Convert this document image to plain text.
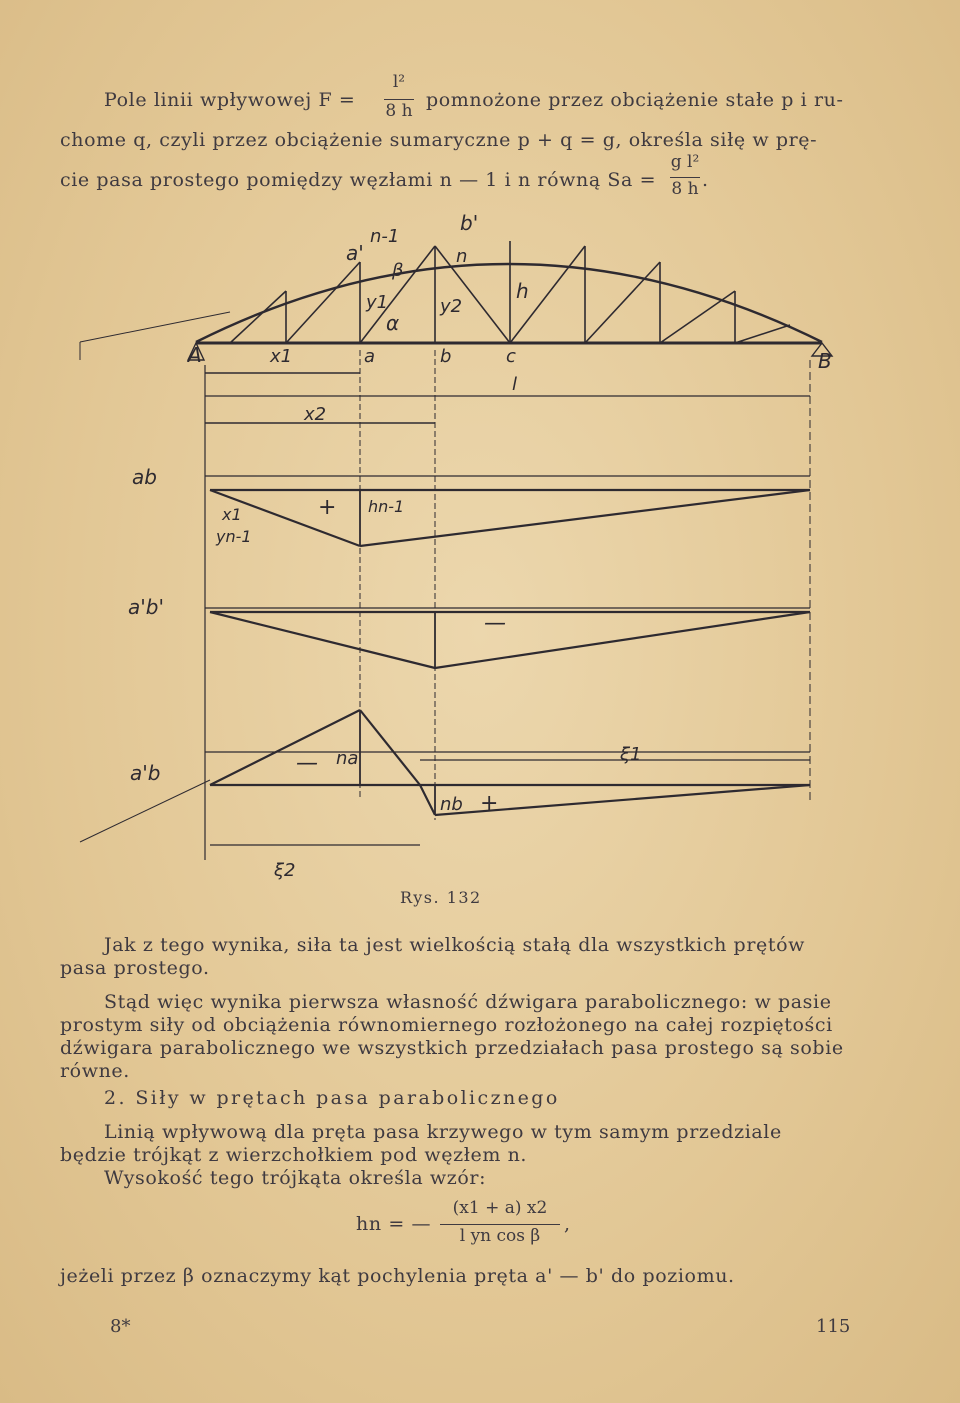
Pole linii wpływowej F =
l²
8 h pomnożone przez obciążenie stałe p i ru-
chome q, czyli przez obciążenie sumaryczne p + q = g, określa siłę w prę-
cie pasa prostego pomiędzy węzłami n — 1 i n równą Sa =
g l²
8 h .
a'
n-1
b'
n
β
h
y1	y2
α
A	x1	a	b	c	B
l
x2
ab
+ hn-1
x1
yn-1
a'b'
—
a'b	— na	ξ1
nb +
ξ2
Rys. 132
Jak z tego wynika, siła ta jest wielkością stałą dla wszystkich prętów
pasa prostego.
Stąd więc wynika pierwsza własność dźwigara parabolicznego: w pasie
prostym siły od obciążenia równomiernego rozłożonego na całej rozpiętości
dźwigara parabolicznego we wszystkich przedziałach pasa prostego są sobie
równe.
2. Siły w prętach pasa parabolicznego
Linią wpływową dla pręta pasa krzywego w tym samym przedziale
będzie trójkąt z wierzchołkiem pod węzłem n.
Wysokość tego trójkąta określa wzór:
hn = —
(x1 + a) x2
l yn cos β
,
jeżeli przez β oznaczymy kąt pochylenia pręta a' — b' do poziomu.
8*	115
